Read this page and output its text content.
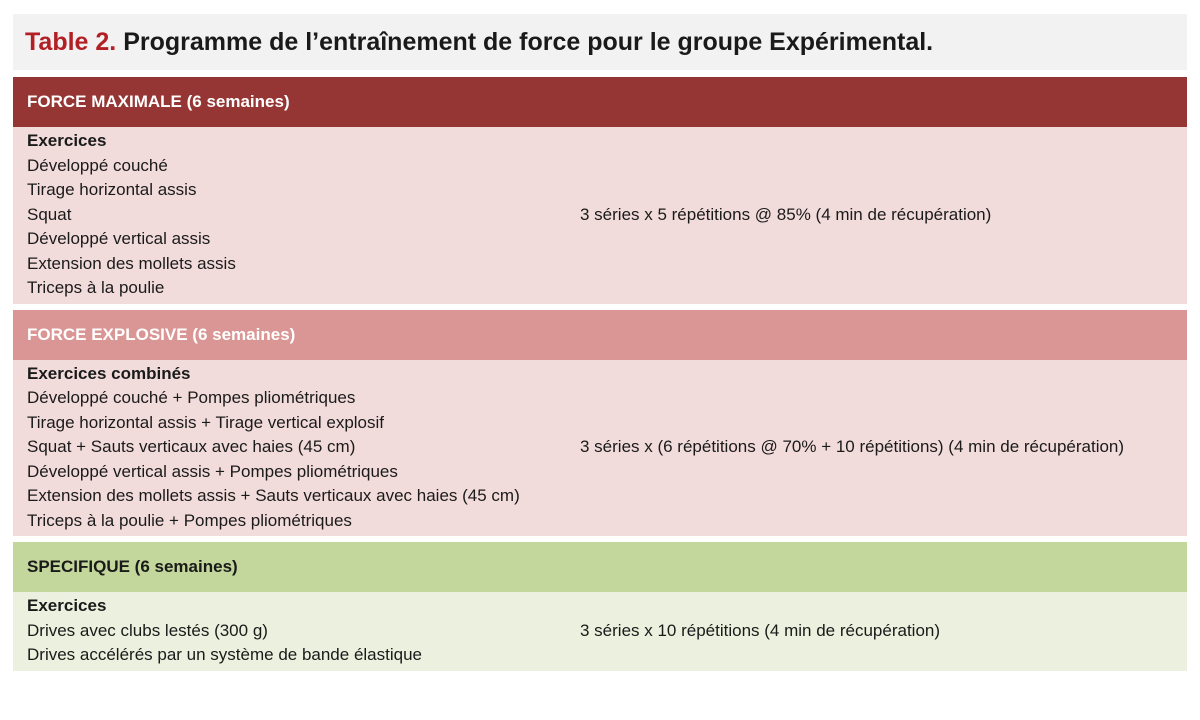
Table 2. Programme de l’entraînement de force pour le groupe Expérimental.
FORCE MAXIMALE (6 semaines)
Exercices
Développé couché
Tirage horizontal assis
Squat
Développé vertical assis
Extension des mollets assis
Triceps à la poulie
3 séries x 5 répétitions @ 85% (4 min de récupération)
FORCE EXPLOSIVE (6 semaines)
Exercices combinés
Développé couché + Pompes pliométriques
Tirage horizontal assis + Tirage vertical explosif
Squat + Sauts verticaux avec haies (45 cm)
Développé vertical assis + Pompes pliométriques
Extension des mollets assis + Sauts verticaux avec haies (45 cm)
Triceps à la poulie + Pompes pliométriques
3 séries x (6 répétitions @ 70% + 10 répétitions) (4 min de récupération)
SPECIFIQUE (6 semaines)
Exercices
Drives avec clubs lestés (300 g)
Drives accélérés par un système de bande élastique
3 séries x 10 répétitions (4 min de récupération)
